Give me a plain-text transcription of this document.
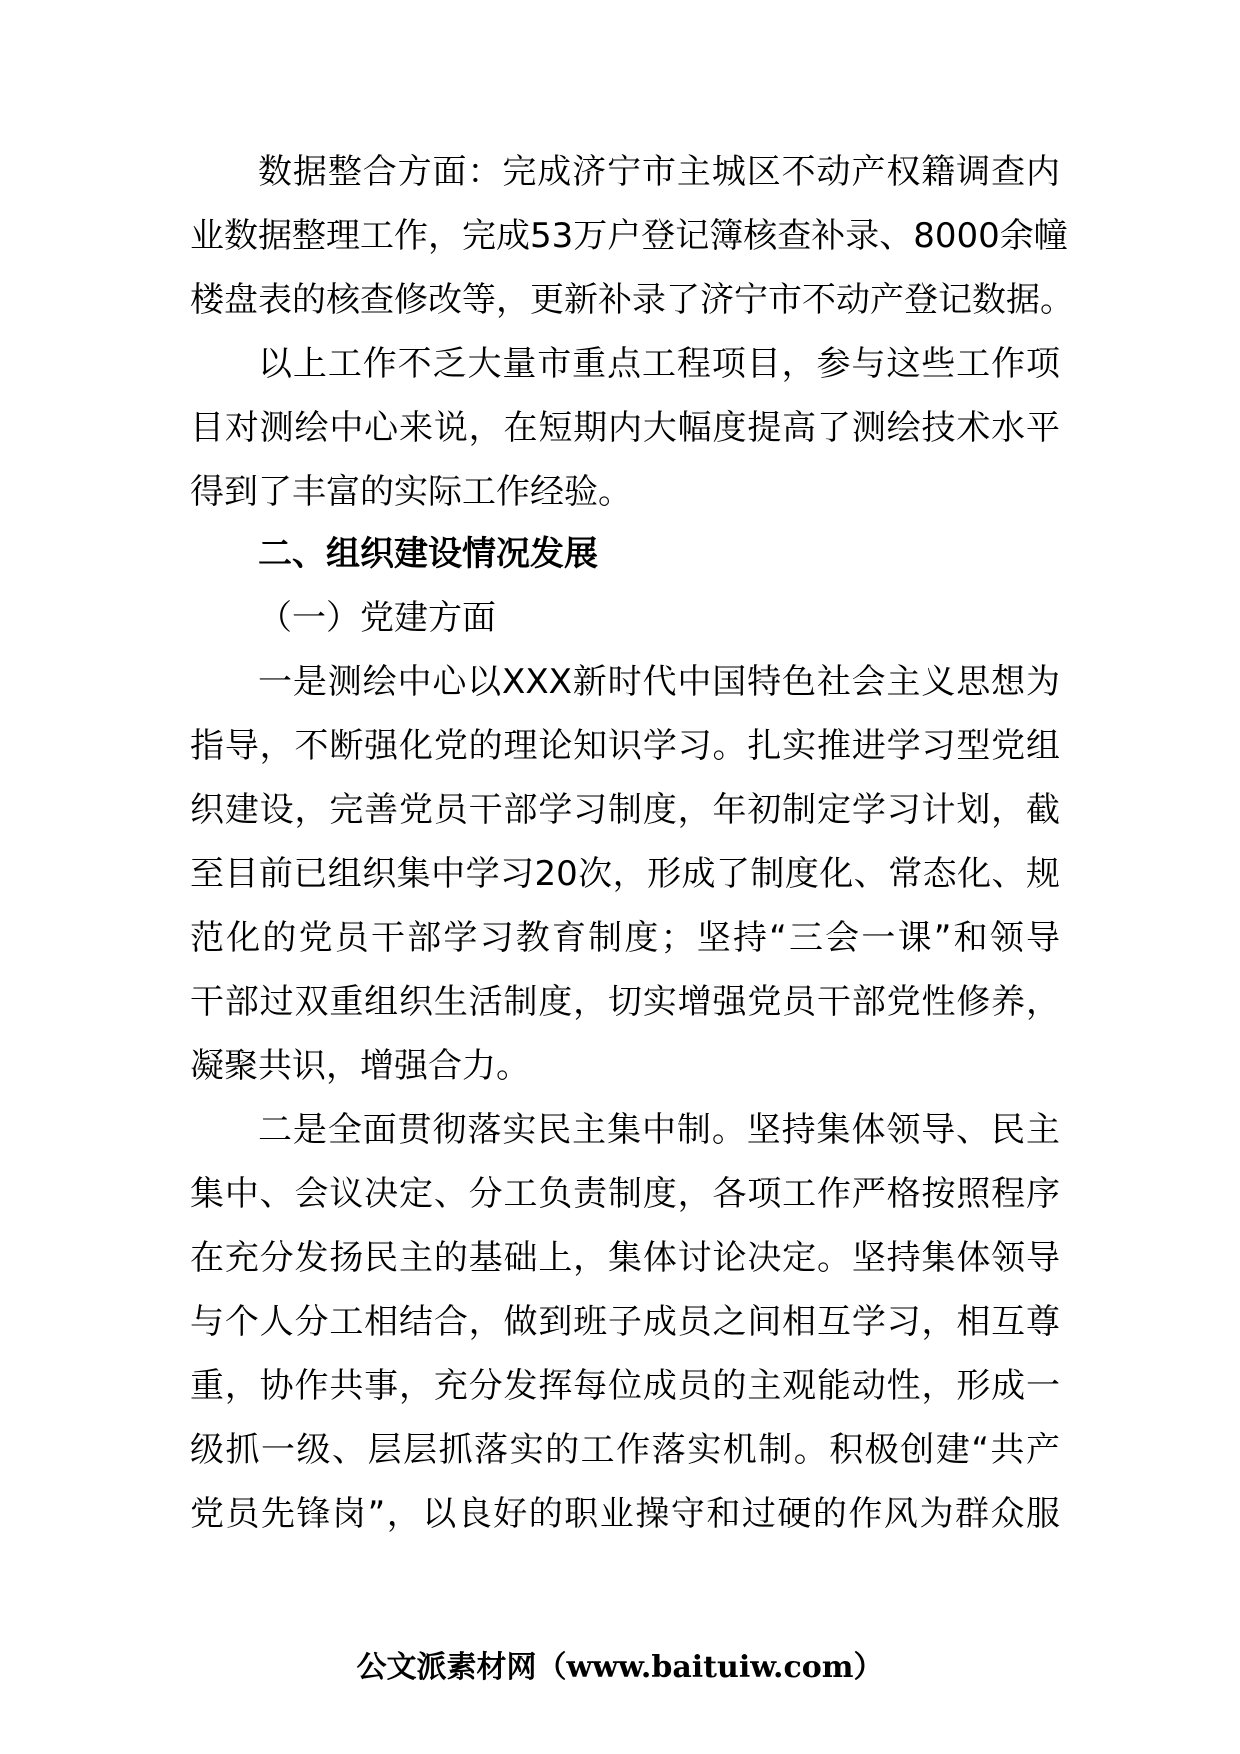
数据整合方面：完成济宁市主城区不动产权籍调查内
业数据整理工作，完成53万户登记簿核查补录、8000余幢
楼盘表的核查修改等，更新补录了济宁市不动产登记数据。
以上工作不乏大量市重点工程项目，参与这些工作项
目对测绘中心来说，在短期内大幅度提高了测绘技术水平
得到了丰富的实际工作经验。
二、组织建设情况发展
（一）党建方面
一是测绘中心以XXX新时代中国特色社会主义思想为
指导，不断强化党的理论知识学习。扎实推进学习型党组
织建设，完善党员干部学习制度，年初制定学习计划，截
至目前已组织集中学习20次，形成了制度化、常态化、规
范化的党员干部学习教育制度；坚持“三会一课”和领导
干部过双重组织生活制度，切实增强党员干部党性修养，
凝聚共识，增强合力。
二是全面贯彻落实民主集中制。坚持集体领导、民主
集中、会议决定、分工负责制度，各项工作严格按照程序
在充分发扬民主的基础上，集体讨论决定。坚持集体领导
与个人分工相结合，做到班子成员之间相互学习，相互尊
重，协作共事，充分发挥每位成员的主观能动性，形成一
级抓一级、层层抓落实的工作落实机制。积极创建“共产
党员先锋岗”，以良好的职业操守和过硬的作风为群众服
公文派素材网（www.baituiw.com）
